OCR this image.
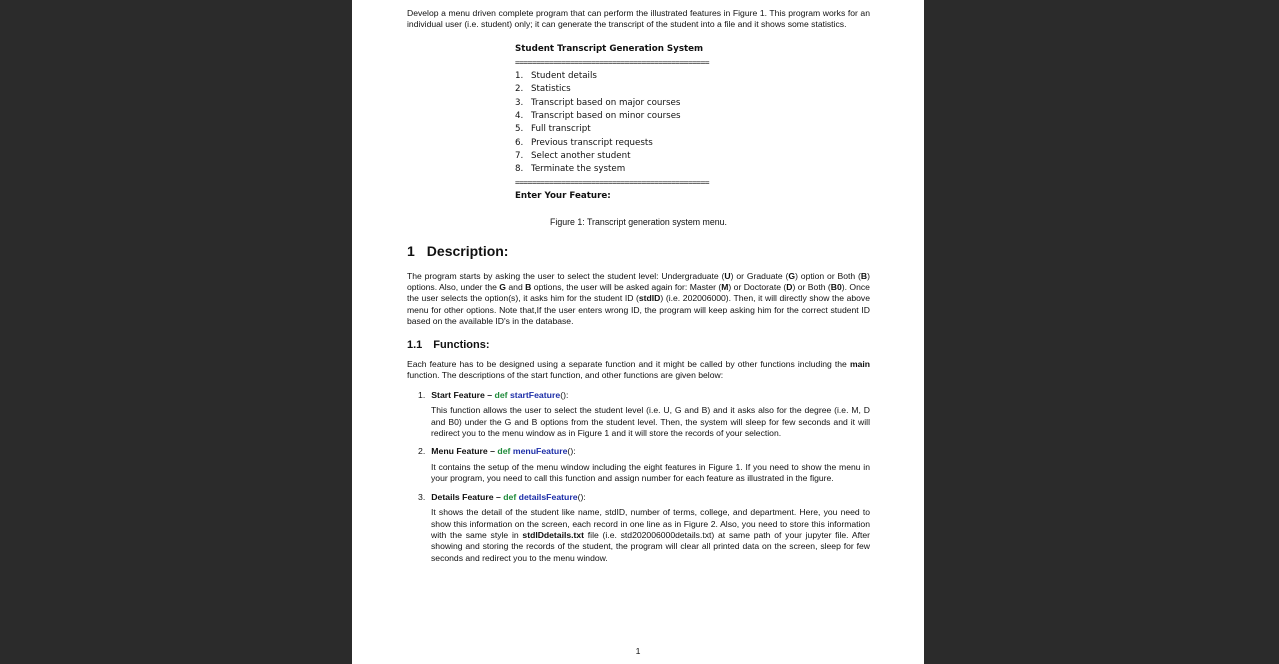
Develop a menu driven complete program that can perform the illustrated features in Figure 1. This program works for an individual user (i.e. student) only; it can generate the transcript of the student into a file and it shows some statistics.

Student Transcript Generation System
==============================================
1. Student details
2. Statistics
3. Transcript based on major courses
4. Transcript based on minor courses
5. Full transcript
6. Previous transcript requests
7. Select another student
8. Terminate the system
==============================================
Enter Your Feature:
Figure 1: Transcript generation system menu.
1 Description:

The program starts by asking the user to select the student level: Undergraduate (U) or Graduate (G) option or Both (B) options. Also, under the G and B options, the user will be asked again for: Master (M) or Doctorate (D) or Both (B0). Once the user selects the option(s), it asks him for the student ID (stdID) (i.e. 202006000). Then, it will directly show the above menu for other options. Note that,If the user enters wrong ID, the program will keep asking him for the correct student ID based on the available ID's in the database.

1.1 Functions:

Each feature has to be designed using a separate function and it might be called by other functions including the main function. The descriptions of the start function, and other functions are given below:

1. Start Feature – def startFeature():
This function allows the user to select the student level (i.e. U, G and B) and it asks also for the degree (i.e. M, D and B0) under the G and B options from the student level. Then, the system will sleep for few seconds and it will redirect you to the menu window as in Figure 1 and it will store the records of your selection.
2. Menu Feature – def menuFeature():
It contains the setup of the menu window including the eight features in Figure 1. If you need to show the menu in your program, you need to call this function and assign number for each feature as illustrated in the figure.
3. Details Feature – def detailsFeature():
It shows the detail of the student like name, stdID, number of terms, college, and department. Here, you need to show this information on the screen, each record in one line as in Figure 2. Also, you need to store this information with the same style in stdIDdetails.txt file (i.e. std202006000details.txt) at same path of your jupyter file. After showing and storing the records of the student, the program will clear all printed data on the screen, sleep for few seconds and redirect you to the menu window.
1
